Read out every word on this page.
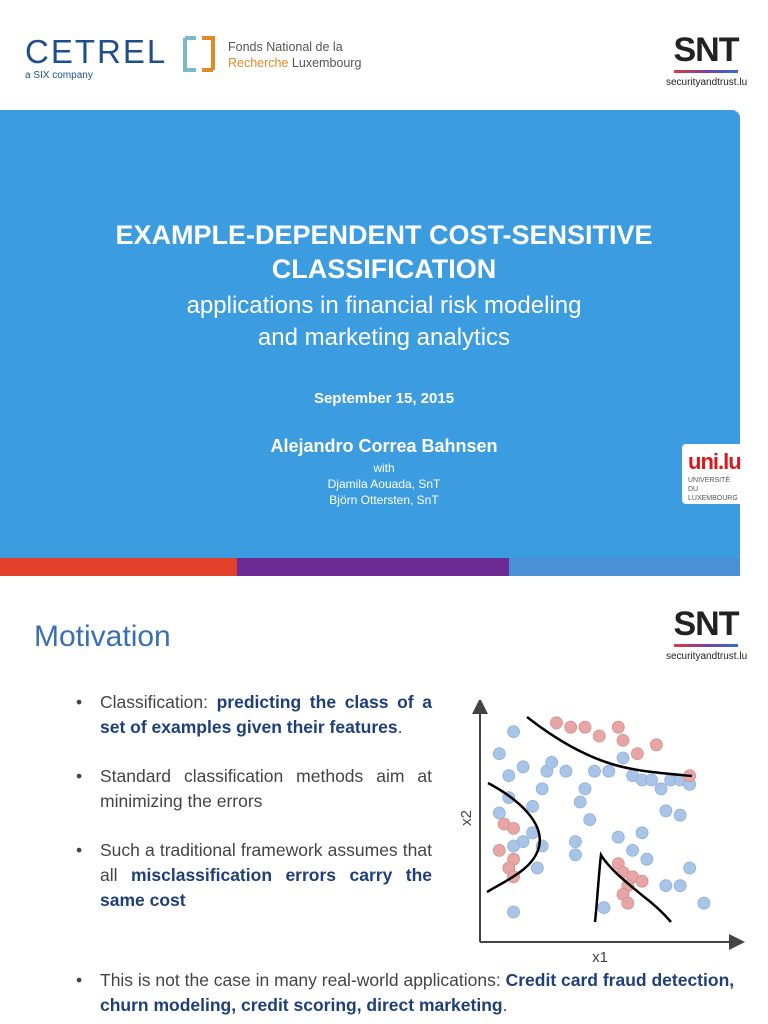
CETREL
a SIX company
Fonds National de la
Recherche Luxembourg	SNT
securityandtrust.lu
EXAMPLE-DEPENDENT COST-SENSITIVE
CLASSIFICATION
applications in financial risk modeling
and marketing analytics
September 15, 2015
Alejandro Correa Bahnsen
with
Djamila Aouada, SnT
Björn Ottersten, SnT
uni.lu
UNIVERSITÉ DU LUXEMBOURG
Motivation	SNT
securityandtrust.lu
• Classification: predicting the class of a set of examples given their features.
• Standard classification methods aim at minimizing the errors
• Such a traditional framework assumes that all misclassification errors carry the same cost
• This is not the case in many real-world applications: Credit card fraud detection, churn modeling, credit scoring, direct marketing.
x1
x2
